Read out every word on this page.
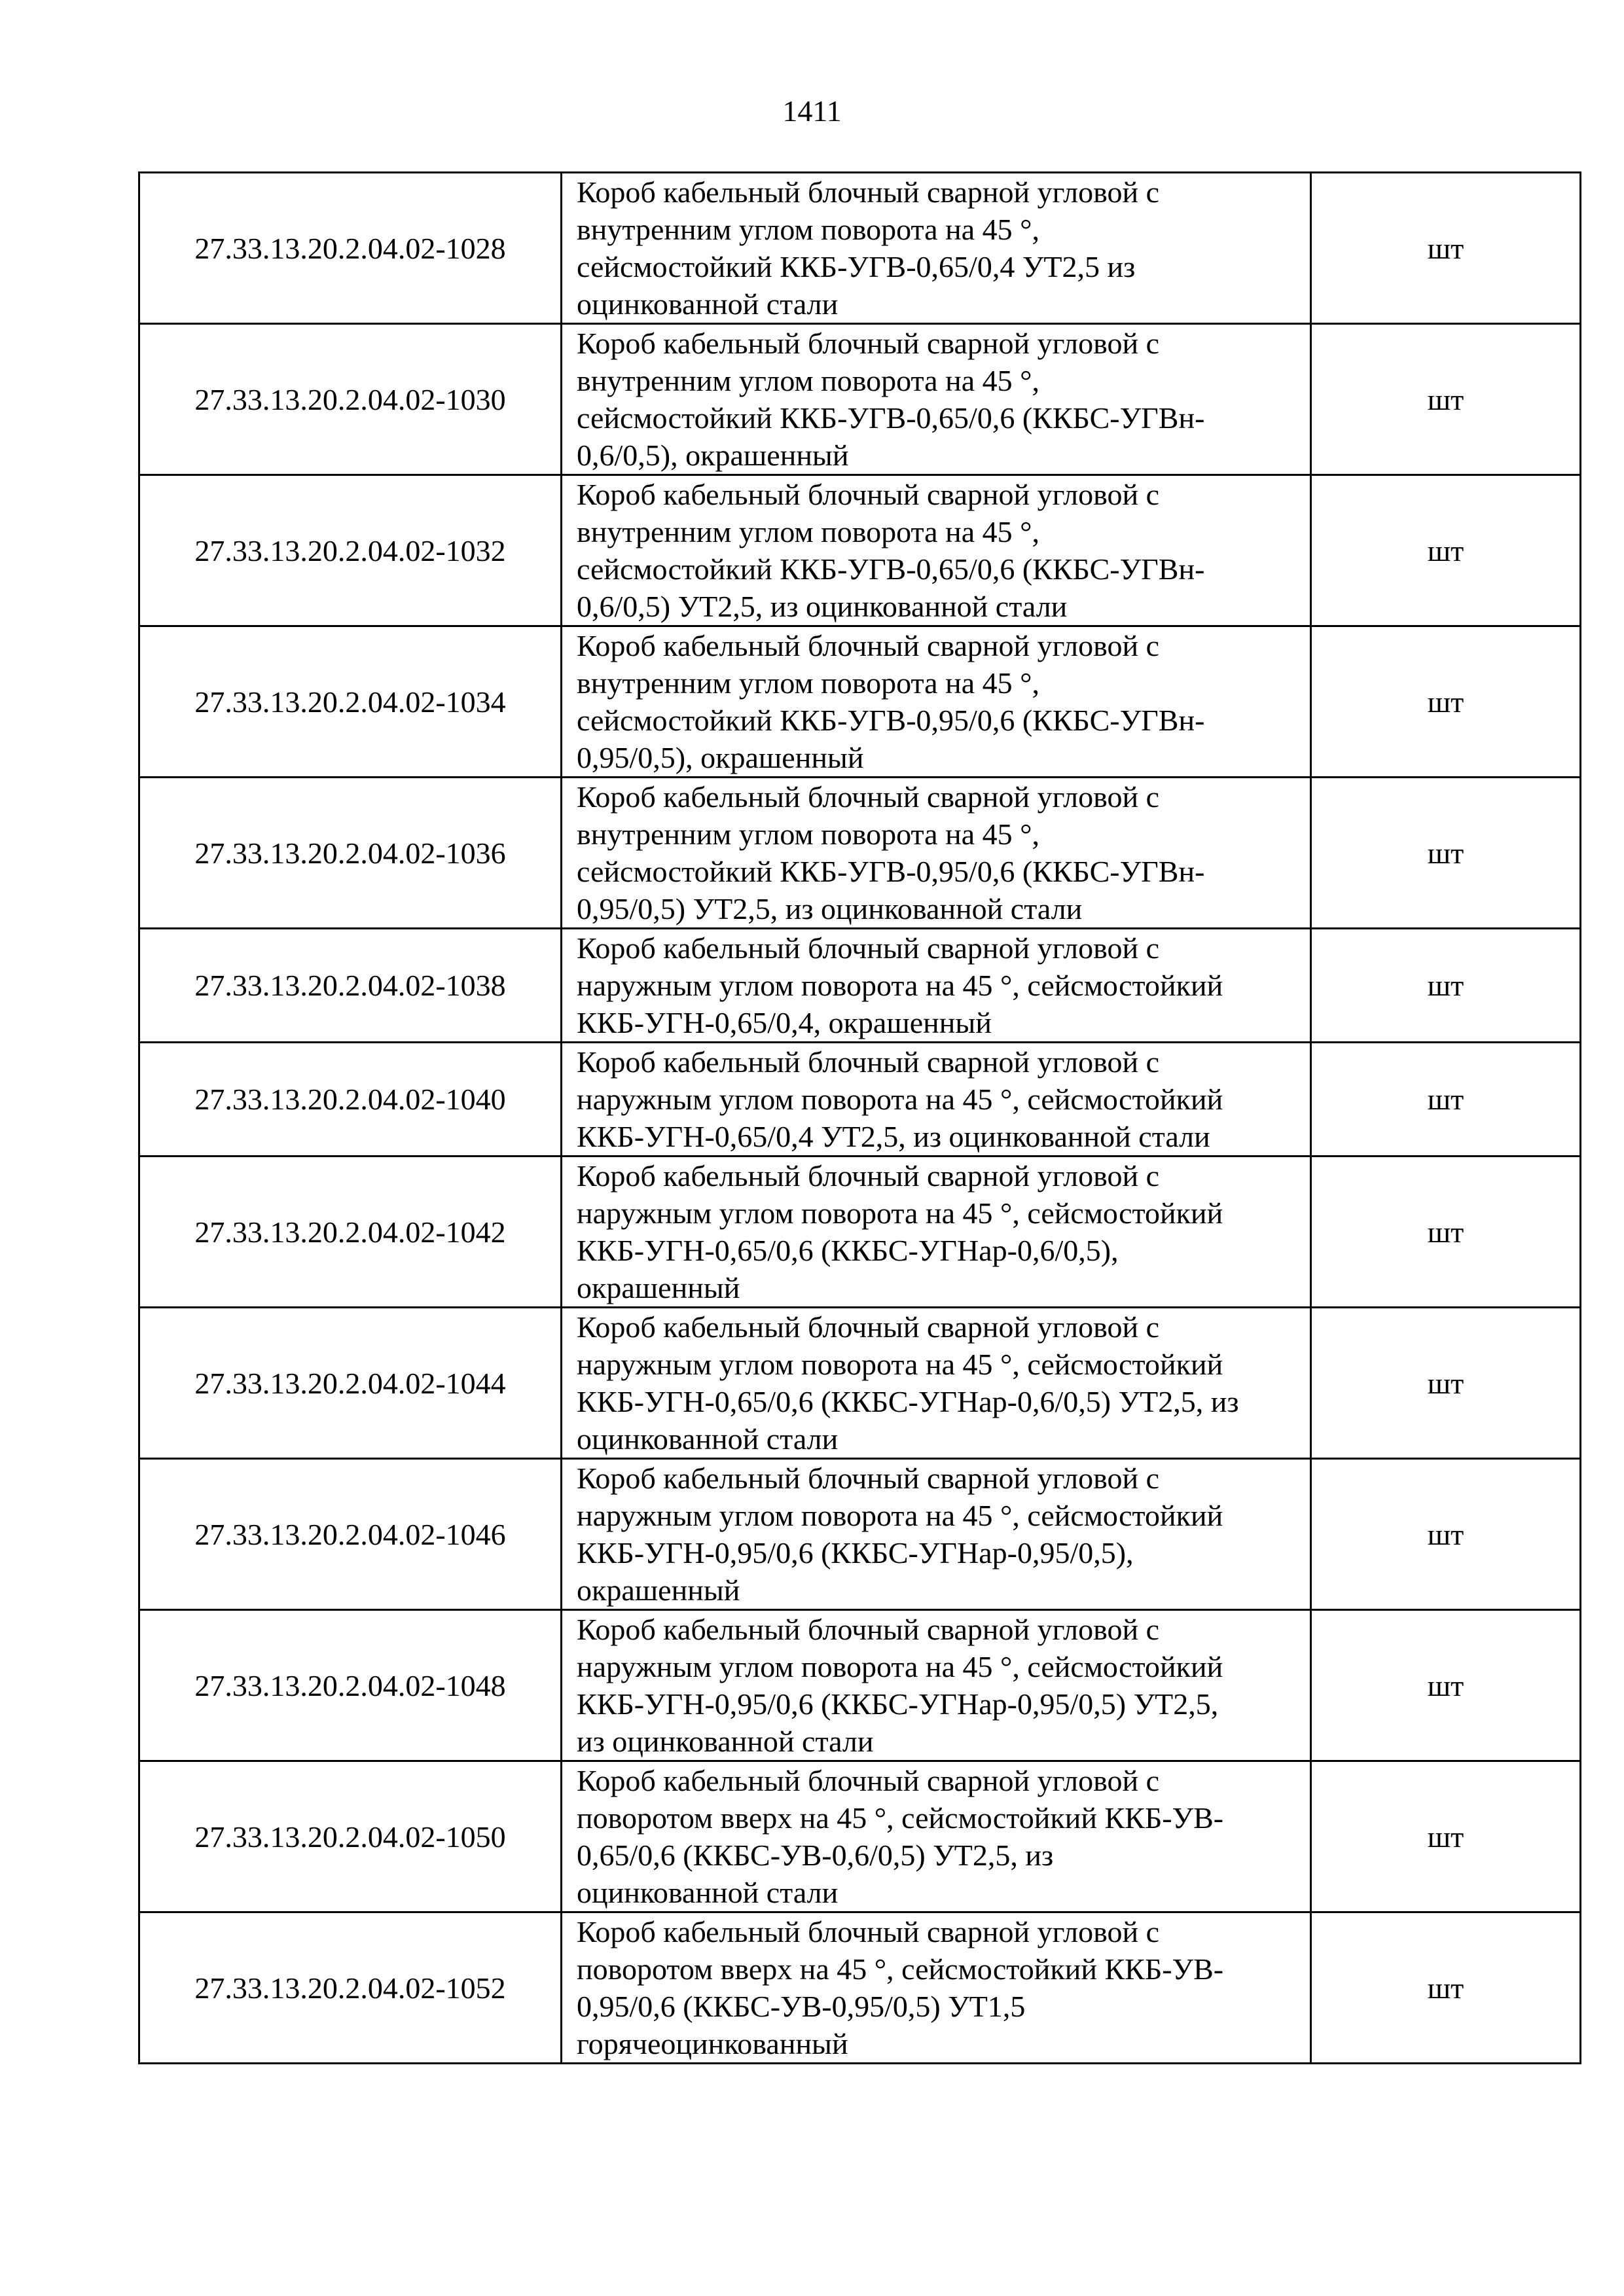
1411
27.33.13.20.2.04.02-1028	Короб кабельный блочный сварной угловой с
внутренним углом поворота на 45 °,
сейсмостойкий ККБ-УГВ-0,65/0,4 УТ2,5 из
оцинкованной стали	шт
27.33.13.20.2.04.02-1030	Короб кабельный блочный сварной угловой с
внутренним углом поворота на 45 °,
сейсмостойкий ККБ-УГВ-0,65/0,6 (ККБС-УГВн-
0,6/0,5), окрашенный	шт
27.33.13.20.2.04.02-1032	Короб кабельный блочный сварной угловой с
внутренним углом поворота на 45 °,
сейсмостойкий ККБ-УГВ-0,65/0,6 (ККБС-УГВн-
0,6/0,5) УТ2,5, из оцинкованной стали	шт
27.33.13.20.2.04.02-1034	Короб кабельный блочный сварной угловой с
внутренним углом поворота на 45 °,
сейсмостойкий ККБ-УГВ-0,95/0,6 (ККБС-УГВн-
0,95/0,5), окрашенный	шт
27.33.13.20.2.04.02-1036	Короб кабельный блочный сварной угловой с
внутренним углом поворота на 45 °,
сейсмостойкий ККБ-УГВ-0,95/0,6 (ККБС-УГВн-
0,95/0,5) УТ2,5, из оцинкованной стали	шт
27.33.13.20.2.04.02-1038	Короб кабельный блочный сварной угловой с
наружным углом поворота на 45 °, сейсмостойкий
ККБ-УГН-0,65/0,4, окрашенный	шт
27.33.13.20.2.04.02-1040	Короб кабельный блочный сварной угловой с
наружным углом поворота на 45 °, сейсмостойкий
ККБ-УГН-0,65/0,4 УТ2,5, из оцинкованной стали	шт
27.33.13.20.2.04.02-1042	Короб кабельный блочный сварной угловой с
наружным углом поворота на 45 °, сейсмостойкий
ККБ-УГН-0,65/0,6 (ККБС-УГНар-0,6/0,5),
окрашенный	шт
27.33.13.20.2.04.02-1044	Короб кабельный блочный сварной угловой с
наружным углом поворота на 45 °, сейсмостойкий
ККБ-УГН-0,65/0,6 (ККБС-УГНар-0,6/0,5) УТ2,5, из
оцинкованной стали	шт
27.33.13.20.2.04.02-1046	Короб кабельный блочный сварной угловой с
наружным углом поворота на 45 °, сейсмостойкий
ККБ-УГН-0,95/0,6 (ККБС-УГНар-0,95/0,5),
окрашенный	шт
27.33.13.20.2.04.02-1048	Короб кабельный блочный сварной угловой с
наружным углом поворота на 45 °, сейсмостойкий
ККБ-УГН-0,95/0,6 (ККБС-УГНар-0,95/0,5) УТ2,5,
из оцинкованной стали	шт
27.33.13.20.2.04.02-1050	Короб кабельный блочный сварной угловой с
поворотом вверх на 45 °, сейсмостойкий ККБ-УВ-
0,65/0,6 (ККБС-УВ-0,6/0,5) УТ2,5, из
оцинкованной стали	шт
27.33.13.20.2.04.02-1052	Короб кабельный блочный сварной угловой с
поворотом вверх на 45 °, сейсмостойкий ККБ-УВ-
0,95/0,6 (ККБС-УВ-0,95/0,5) УТ1,5
горячеоцинкованный	шт
